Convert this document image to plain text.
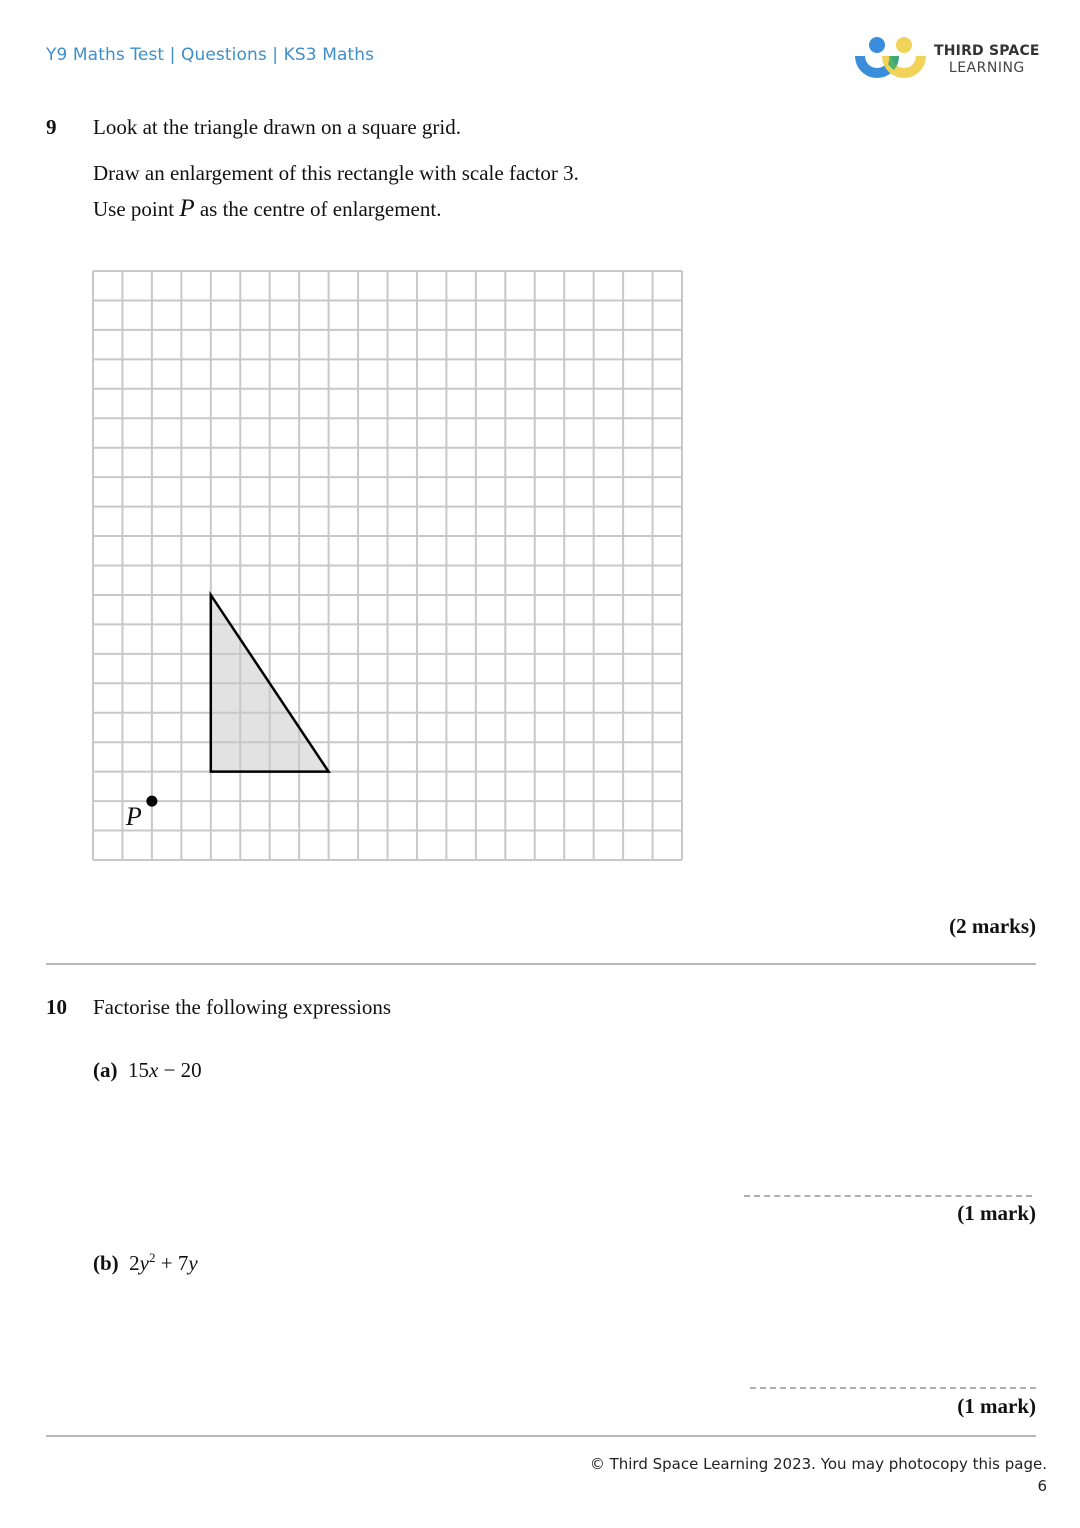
Y9 Maths Test | Questions | KS3 Maths	THIRD SPACE
LEARNING
9 Look at the triangle drawn on a square grid.
Draw an enlargement of this rectangle with scale factor 3.
Use point P as the centre of enlargement.
P
(2 marks)
10 Factorise the following expressions
(a) 15x − 20
(1 mark)
(b) $2y^2 + 7y$
(1 mark)
© Third Space Learning 2023. You may photocopy this page.
6
